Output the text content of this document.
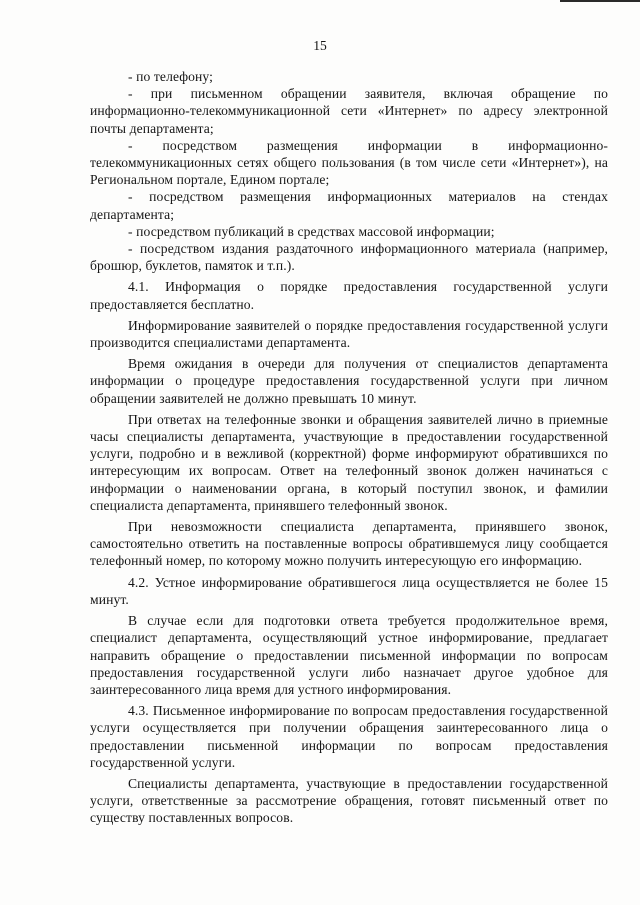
15

- по телефону;

- при письменном обращении заявителя, включая обращение по информационно-телекоммуникационной сети «Интернет» по адресу электронной почты департамента;

- посредством размещения информации в информационно-телекоммуникационных сетях общего пользования (в том числе сети «Интернет»), на Региональном портале, Едином портале;

- посредством размещения информационных материалов на стендах департамента;

- посредством публикаций в средствах массовой информации;

- посредством издания раздаточного информационного материала (например, брошюр, буклетов, памяток и т.п.).

4.1. Информация о порядке предоставления государственной услуги предоставляется бесплатно.

Информирование заявителей о порядке предоставления государственной услуги производится специалистами департамента.

Время ожидания в очереди для получения от специалистов департамента информации о процедуре предоставления государственной услуги при личном обращении заявителей не должно превышать 10 минут.

При ответах на телефонные звонки и обращения заявителей лично в приемные часы специалисты департамента, участвующие в предоставлении государственной услуги, подробно и в вежливой (корректной) форме информируют обратившихся по интересующим их вопросам. Ответ на телефонный звонок должен начинаться с информации о наименовании органа, в который поступил звонок, и фамилии специалиста департамента, принявшего телефонный звонок.

При невозможности специалиста департамента, принявшего звонок, самостоятельно ответить на поставленные вопросы обратившемуся лицу сообщается телефонный номер, по которому можно получить интересующую его информацию.

4.2. Устное информирование обратившегося лица осуществляется не более 15 минут.

В случае если для подготовки ответа требуется продолжительное время, специалист департамента, осуществляющий устное информирование, предлагает направить обращение о предоставлении письменной информации по вопросам предоставления государственной услуги либо назначает другое удобное для заинтересованного лица время для устного информирования.

4.3. Письменное информирование по вопросам предоставления государственной услуги осуществляется при получении обращения заинтересованного лица о предоставлении письменной информации по вопросам предоставления государственной услуги.

Специалисты департамента, участвующие в предоставлении государственной услуги, ответственные за рассмотрение обращения, готовят письменный ответ по существу поставленных вопросов.
